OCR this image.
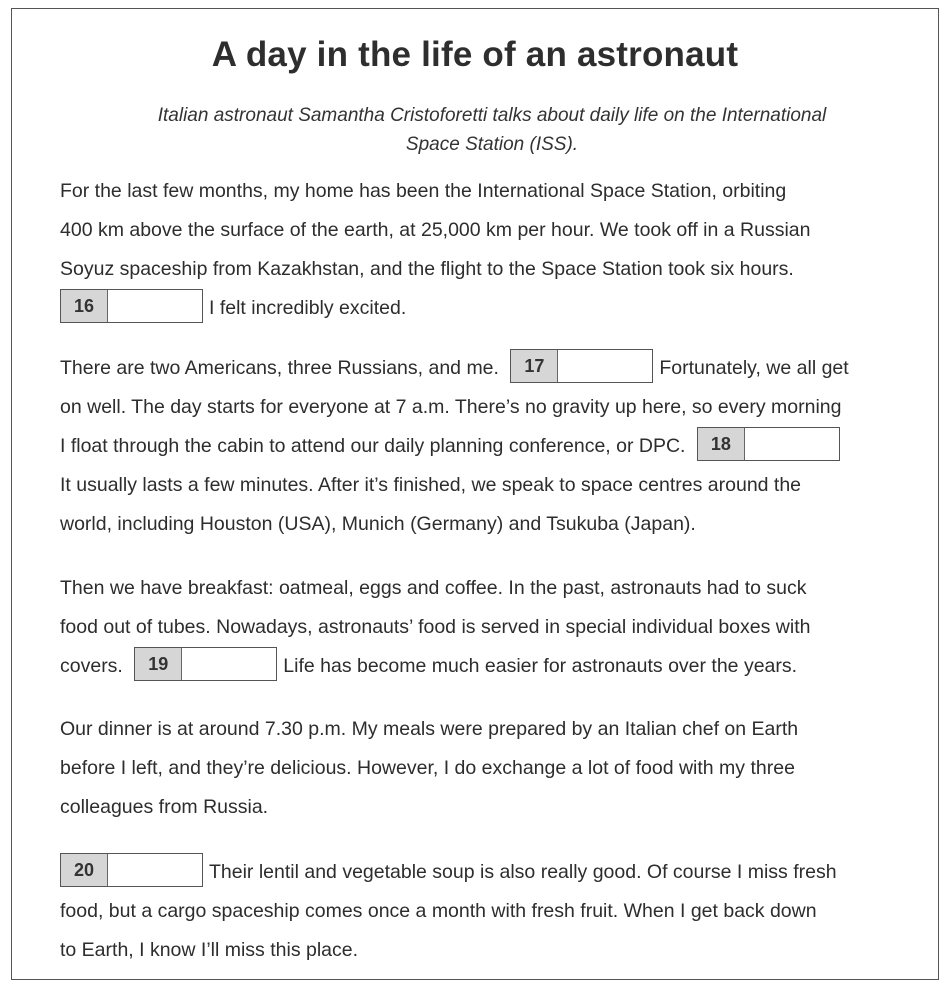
A day in the life of an astronaut

Italian astronaut Samantha Cristoforetti talks about daily life on the International
Space Station (ISS).

For the last few months, my home has been the International Space Station, orbiting
400 km above the surface of the earth, at 25,000 km per hour. We took off in a Russian
Soyuz spaceship from Kazakhstan, and the flight to the Space Station took six hours.
16	I felt incredibly excited.
There are two Americans, three Russians, and me.	17	Fortunately, we all get
on well. The day starts for everyone at 7 a.m. There’s no gravity up here, so every morning
I float through the cabin to attend our daily planning conference, or DPC.	18
It usually lasts a few minutes. After it’s finished, we speak to space centres around the
world, including Houston (USA), Munich (Germany) and Tsukuba (Japan).
Then we have breakfast: oatmeal, eggs and coffee. In the past, astronauts had to suck
food out of tubes. Nowadays, astronauts’ food is served in special individual boxes with
covers.	19	Life has become much easier for astronauts over the years.
Our dinner is at around 7.30 p.m. My meals were prepared by an Italian chef on Earth
before I left, and they’re delicious. However, I do exchange a lot of food with my three
colleagues from Russia.
20	Their lentil and vegetable soup is also really good. Of course I miss fresh
food, but a cargo spaceship comes once a month with fresh fruit. When I get back down
to Earth, I know I’ll miss this place.
